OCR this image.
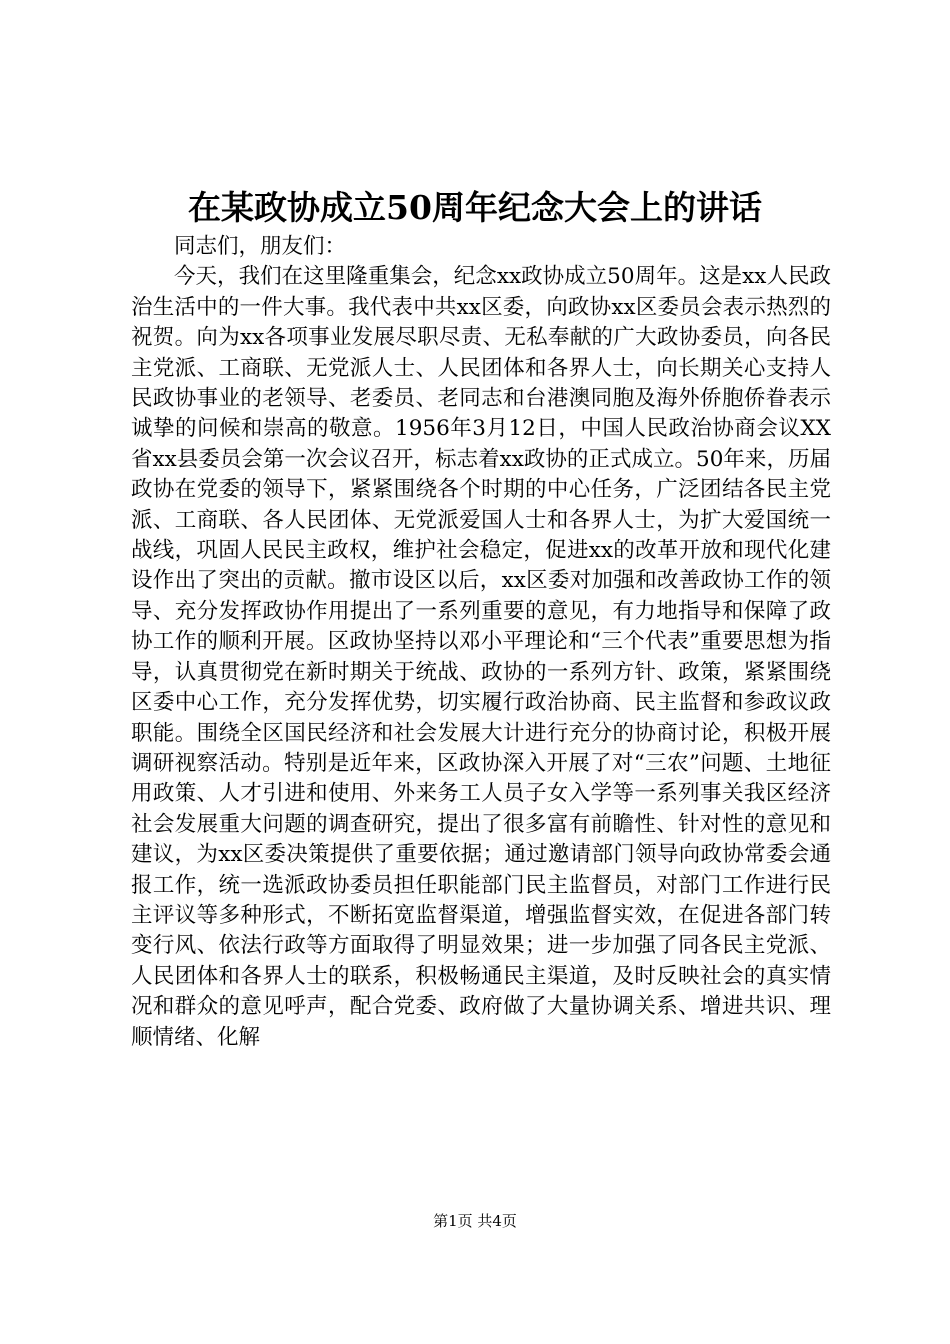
在某政协成立50周年纪念大会上的讲话

同志们，朋友们：

今天，我们在这里隆重集会，纪念xx政协成立50周年。这是xx人民政治生活中的一件大事。我代表中共xx区委，向政协xx区委员会表示热烈的祝贺。向为xx各项事业发展尽职尽责、无私奉献的广大政协委员，向各民主党派、工商联、无党派人士、人民团体和各界人士，向长期关心支持人民政协事业的老领导、老委员、老同志和台港澳同胞及海外侨胞侨眷表示诚挚的问候和崇高的敬意。1956年3月12日，中国人民政治协商会议XX省xx县委员会第一次会议召开，标志着xx政协的正式成立。50年来，历届政协在党委的领导下，紧紧围绕各个时期的中心任务，广泛团结各民主党派、工商联、各人民团体、无党派爱国人士和各界人士，为扩大爱国统一战线，巩固人民民主政权，维护社会稳定，促进xx的改革开放和现代化建设作出了突出的贡献。撤市设区以后，xx区委对加强和改善政协工作的领导、充分发挥政协作用提出了一系列重要的意见，有力地指导和保障了政协工作的顺利开展。区政协坚持以邓小平理论和“三个代表”重要思想为指导，认真贯彻党在新时期关于统战、政协的一系列方针、政策，紧紧围绕区委中心工作，充分发挥优势，切实履行政治协商、民主监督和参政议政职能。围绕全区国民经济和社会发展大计进行充分的协商讨论，积极开展调研视察活动。特别是近年来，区政协深入开展了对“三农”问题、土地征用政策、人才引进和使用、外来务工人员子女入学等一系列事关我区经济社会发展重大问题的调查研究，提出了很多富有前瞻性、针对性的意见和建议，为xx区委决策提供了重要依据；通过邀请部门领导向政协常委会通报工作，统一选派政协委员担任职能部门民主监督员，对部门工作进行民主评议等多种形式，不断拓宽监督渠道，增强监督实效，在促进各部门转变行风、依法行政等方面取得了明显效果；进一步加强了同各民主党派、人民团体和各界人士的联系，积极畅通民主渠道，及时反映社会的真实情况和群众的意见呼声，配合党委、政府做了大量协调关系、增进共识、理顺情绪、化解

第1页 共4页
